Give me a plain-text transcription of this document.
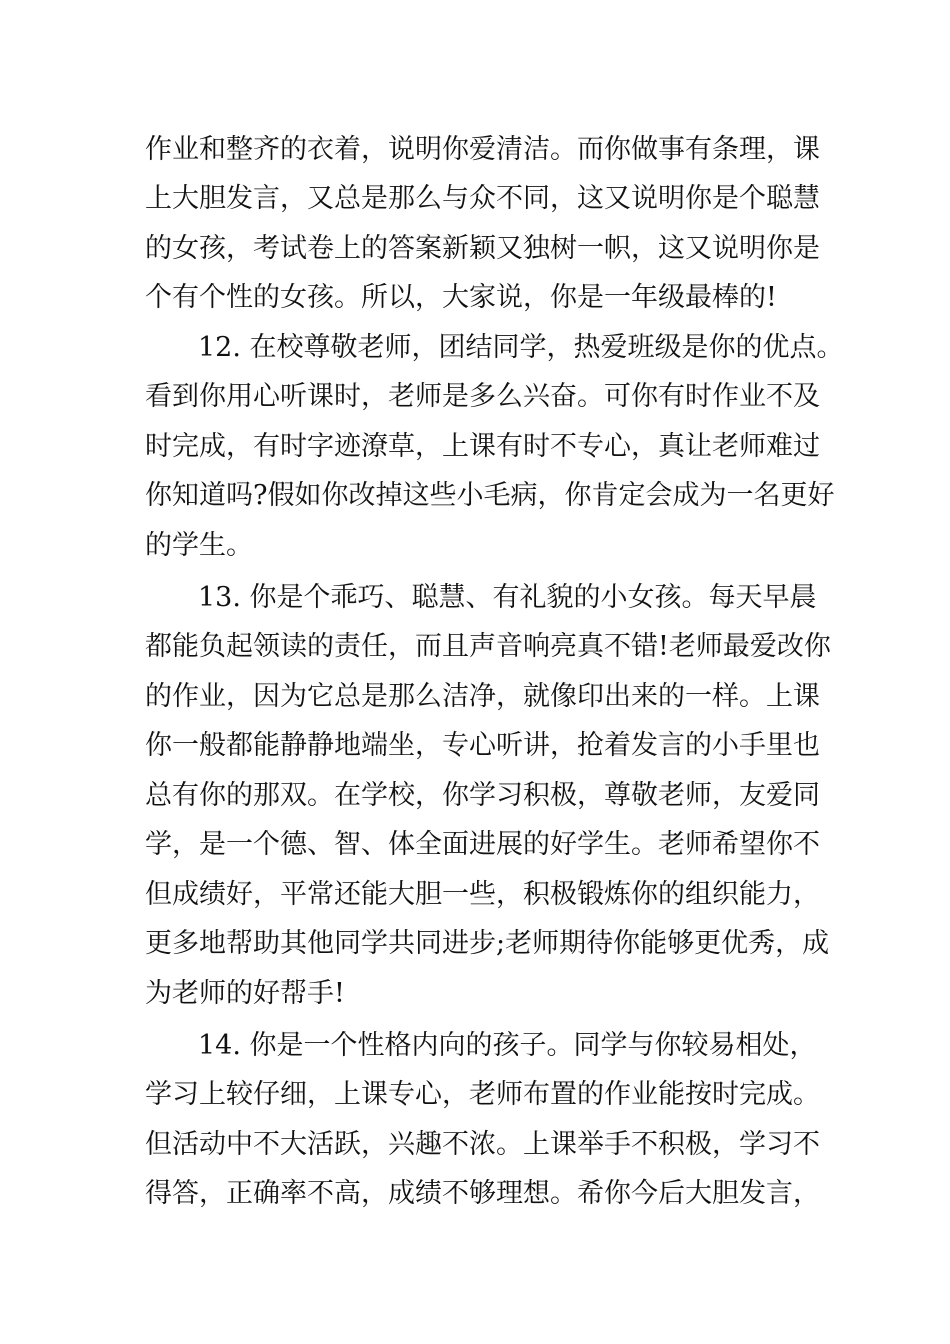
作业和整齐的衣着，说明你爱清洁。而你做事有条理，课
上大胆发言，又总是那么与众不同，这又说明你是个聪慧
的女孩，考试卷上的答案新颖又独树一帜，这又说明你是
个有个性的女孩。所以，大家说，你是一年级最棒的!
12. 在校尊敬老师，团结同学，热爱班级是你的优点。
看到你用心听课时，老师是多么兴奋。可你有时作业不及
时完成，有时字迹潦草，上课有时不专心，真让老师难过
你知道吗?假如你改掉这些小毛病，你肯定会成为一名更好
的学生。
13. 你是个乖巧、聪慧、有礼貌的小女孩。每天早晨
都能负起领读的责任，而且声音响亮真不错!老师最爱改你
的作业，因为它总是那么洁净，就像印出来的一样。上课
你一般都能静静地端坐，专心听讲，抢着发言的小手里也
总有你的那双。在学校，你学习积极，尊敬老师，友爱同
学，是一个德、智、体全面进展的好学生。老师希望你不
但成绩好，平常还能大胆一些，积极锻炼你的组织能力，
更多地帮助其他同学共同进步;老师期待你能够更优秀，成
为老师的好帮手!
14. 你是一个性格内向的孩子。同学与你较易相处，
学习上较仔细，上课专心，老师布置的作业能按时完成。
但活动中不大活跃，兴趣不浓。上课举手不积极，学习不
得答，正确率不高，成绩不够理想。希你今后大胆发言，
